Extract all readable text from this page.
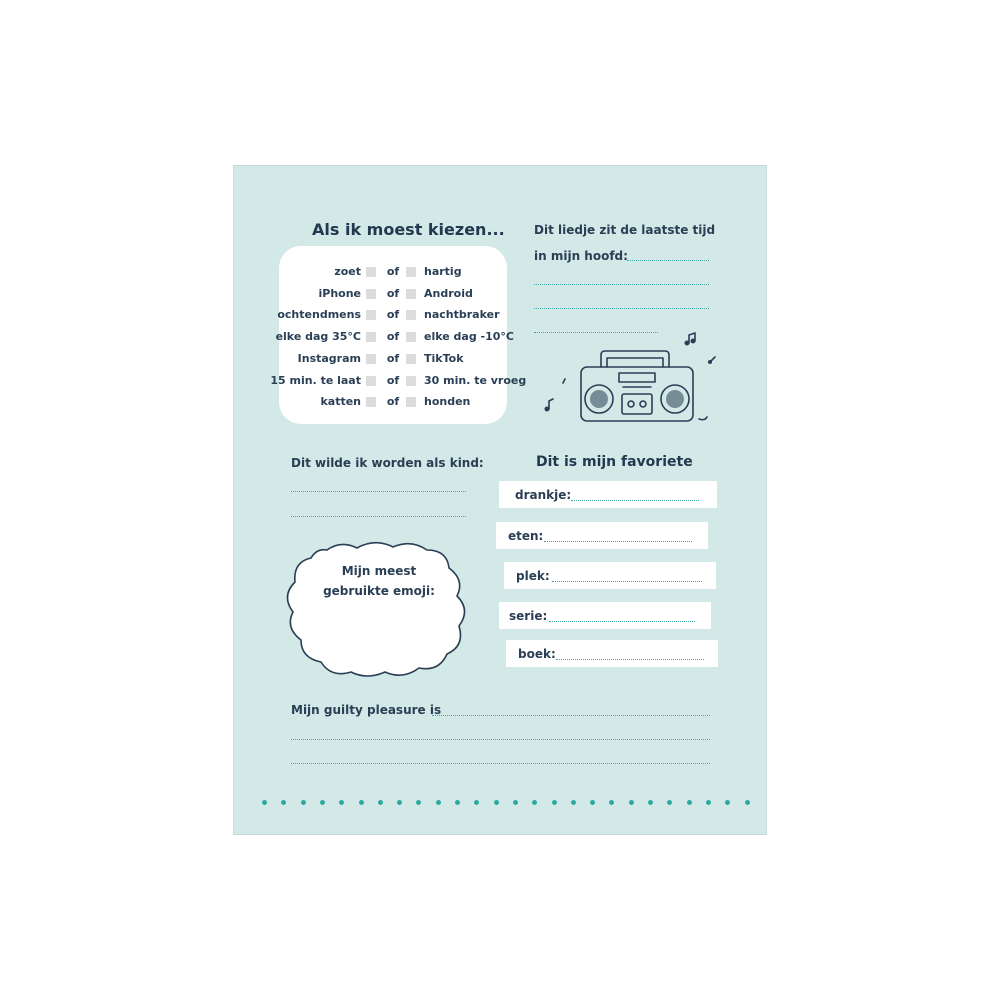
Als ik moest kiezen...
zoet of hartig
iPhone of Android
ochtendmens of nachtbraker
elke dag 35°C of elke dag -10°C
Instagram of TikTok
15 min. te laat of 30 min. te vroeg
katten of honden
Dit liedje zit de laatste tijd
in mijn hoofd:
Dit wilde ik worden als kind:
Mijn meest
gebruikte emoji:
Dit is mijn favoriete
drankje:
eten:
plek:
serie:
boek:
Mijn guilty pleasure is
